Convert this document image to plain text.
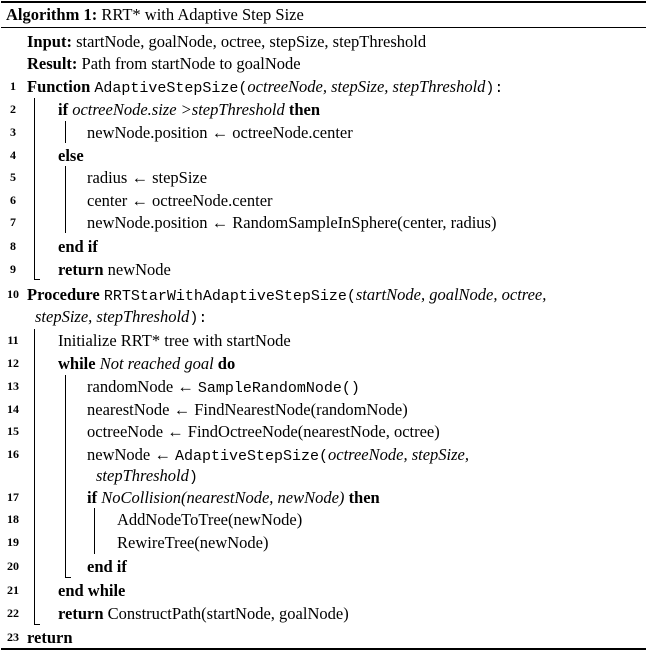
Algorithm 1: RRT* with Adaptive Step Size
Input: startNode, goalNode, octree, stepSize, stepThreshold
Result: Path from startNode to goalNode
1 Function AdaptiveStepSize(octreeNode, stepSize, stepThreshold):
2	if octreeNode.size >stepThreshold then
3	newNode.position ← octreeNode.center
4	else
5	radius ← stepSize
6	center ← octreeNode.center
7	newNode.position ← RandomSampleInSphere(center, radius)
8	end if
9	return newNode
10 Procedure RRTStarWithAdaptiveStepSize(startNode, goalNode, octree,
stepSize, stepThreshold):
11	Initialize RRT* tree with startNode
12	while Not reached goal do
13	randomNode ← SampleRandomNode()
14	nearestNode ← FindNearestNode(randomNode)
15	octreeNode ← FindOctreeNode(nearestNode, octree)
16	newNode ← AdaptiveStepSize(octreeNode, stepSize,
stepThreshold)
17	if NoCollision(nearestNode, newNode) then
18	AddNodeToTree(newNode)
19	RewireTree(newNode)
20	end if
21	end while
22	return ConstructPath(startNode, goalNode)
23 return
